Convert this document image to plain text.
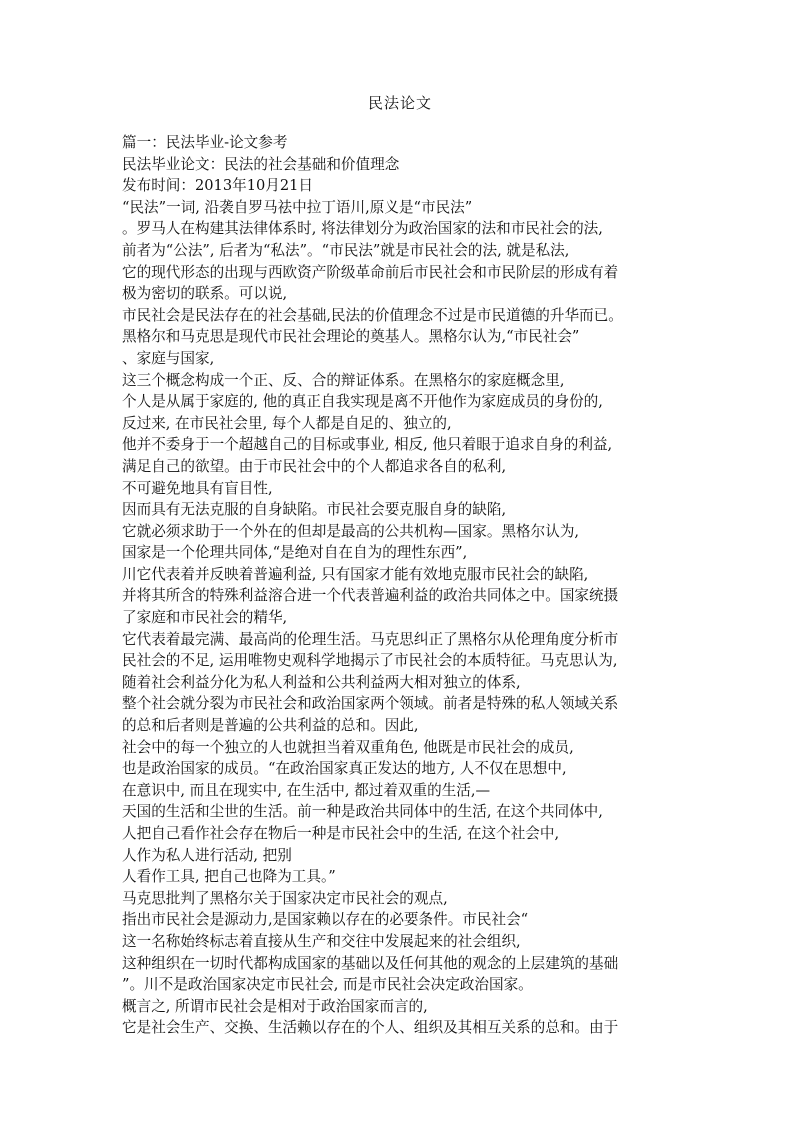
民法论文
篇一：民法毕业-论文参考
民法毕业论文：民法的社会基础和价值理念
发布时间：2013年10月21日
“民法”一词, 沿袭自罗马祛中拉丁语川,原义是“市民法”
。罗马人在构建其法律体系时, 将法律划分为政治国家的法和市民社会的法,
前者为“公法”, 后者为“私法”。“市民法”就是市民社会的法, 就是私法,
它的现代形态的出现与西欧资产阶级革命前后市民社会和市民阶层的形成有着
极为密切的联系。可以说,
市民社会是民法存在的社会基础,民法的价值理念不过是市民道德的升华而已。
黑格尔和马克思是现代市民社会理论的奠基人。黑格尔认为,“市民社会”
、家庭与国家,
这三个概念构成一个正、反、合的辩证体系。在黑格尔的家庭概念里,
个人是从属于家庭的, 他的真正自我实现是离不开他作为家庭成员的身份的,
反过来, 在市民社会里, 每个人都是自足的、独立的,
他并不委身于一个超越自己的目标或事业, 相反, 他只着眼于追求自身的利益,
满足自己的欲望。由于市民社会中的个人都追求各自的私利,
不可避免地具有盲目性,
因而具有无法克服的自身缺陷。市民社会要克服自身的缺陷,
它就必须求助于一个外在的但却是最高的公共机构—国家。黑格尔认为,
国家是一个伦理共同体,“是绝对自在自为的理性东西”,
川它代表着并反映着普遍利益, 只有国家才能有效地克服市民社会的缺陷,
并将其所含的特殊利益溶合进一个代表普遍利益的政治共同体之中。国家统摄
了家庭和市民社会的精华,
它代表着最完满、最高尚的伦理生活。马克思纠正了黑格尔从伦理角度分析市
民社会的不足, 运用唯物史观科学地揭示了市民社会的本质特征。马克思认为,
随着社会利益分化为私人利益和公共利益两大相对独立的体系,
整个社会就分裂为市民社会和政治国家两个领域。前者是特殊的私人领域关系
的总和后者则是普遍的公共利益的总和。因此,
社会中的每一个独立的人也就担当着双重角色, 他既是市民社会的成员,
也是政治国家的成员。“在政治国家真正发达的地方, 人不仅在思想中,
在意识中, 而且在现实中, 在生活中, 都过着双重的生活,—
天国的生活和尘世的生活。前一种是政治共同体中的生活, 在这个共同体中,
人把自己看作社会存在物后一种是市民社会中的生活, 在这个社会中,
人作为私人进行活动, 把别
人看作工具, 把自己也降为工具。”
马克思批判了黑格尔关于国家决定市民社会的观点,
指出市民社会是源动力,是国家赖以存在的必要条件。市民社会“
这一名称始终标志着直接从生产和交往中发展起来的社会组织,
这种组织在一切时代都构成国家的基础以及任何其他的观念的上层建筑的基础
”。川不是政治国家决定市民社会, 而是市民社会决定政治国家。
概言之, 所谓市民社会是相对于政治国家而言的,
它是社会生产、交换、生活赖以存在的个人、组织及其相互关系的总和。由于
